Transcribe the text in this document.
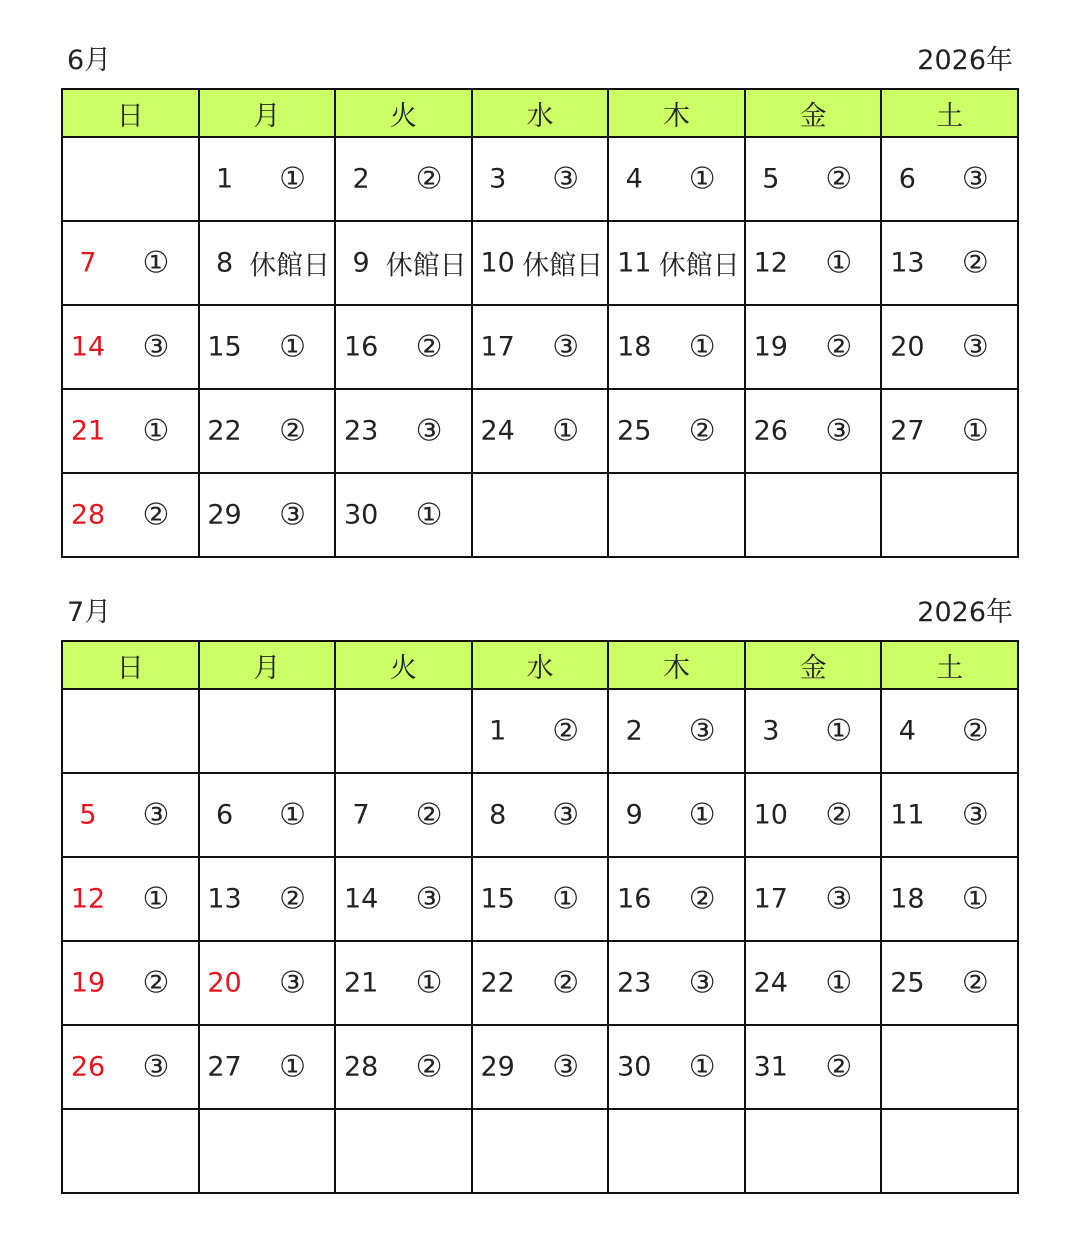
6月	2026年
日	月	火	水	木	金	土

	1 ①	2 ②	3 ③	4 ①	5 ②	6 ③

7 ①	8 休館日	9 休館日	10 休館日	11 休館日	12 ①	13 ②

14 ③	15 ①	16 ②	17 ③	18 ①	19 ②	20 ③

21 ①	22 ②	23 ③	24 ①	25 ②	26 ③	27 ①

28 ②	29 ③	30 ①				

7月	2026年
日	月	火	水	木	金	土

			1 ②	2 ③	3 ①	4 ②

5 ③	6 ①	7 ②	8 ③	9 ①	10 ②	11 ③

12 ①	13 ②	14 ③	15 ①	16 ②	17 ③	18 ①

19 ②	20 ③	21 ①	22 ②	23 ③	24 ①	25 ②

26 ③	27 ①	28 ②	29 ③	30 ①	31 ②	
